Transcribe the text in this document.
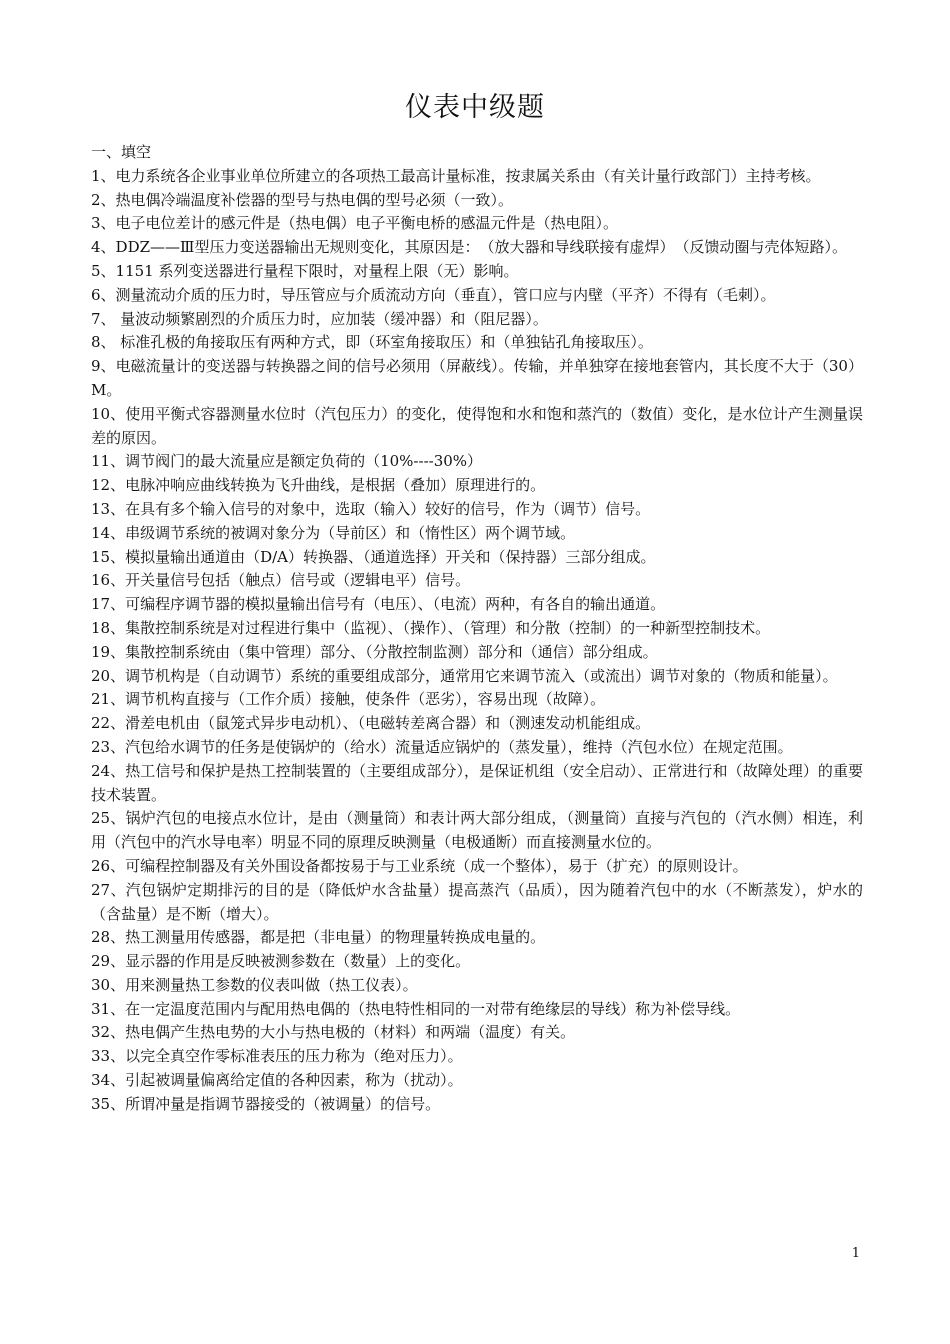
仪表中级题

一、填空

1、电力系统各企业事业单位所建立的各项热工最高计量标准，按隶属关系由（有关计量行政部门）主持考核。

2、热电偶冷端温度补偿器的型号与热电偶的型号必须（一致）。

3、电子电位差计的感元件是（热电偶）电子平衡电桥的感温元件是（热电阻）。

4、DDZ——Ⅲ型压力变送器输出无规则变化，其原因是：　（放大器和导线联接有虚焊）　（反馈动圈与壳体短路）。

5、1151 系列变送器进行量程下限时，对量程上限（无）影响。

6、测量流动介质的压力时，导压管应与介质流动方向（垂直），管口应与内壁（平齐）不得有（毛刺）。

7、 量波动频繁剧烈的介质压力时，应加装（缓冲器）和（阻尼器）。

8、 标准孔极的角接取压有两种方式，即（环室角接取压）和（单独钻孔角接取压）。

9、电磁流量计的变送器与转换器之间的信号必须用（屏蔽线）。传输，并单独穿在接地套管内，其长度不大于（30）M。

10、使用平衡式容器测量水位时（汽包压力）的变化，使得饱和水和饱和蒸汽的（数值）变化，是水位计产生测量误差的原因。

11、调节阀门的最大流量应是额定负荷的（10%----30%）

12、电脉冲响应曲线转换为飞升曲线，是根据（叠加）原理进行的。

13、在具有多个输入信号的对象中，选取（输入）较好的信号，作为（调节）信号。

14、串级调节系统的被调对象分为（导前区）和（惰性区）两个调节域。

15、模拟量输出通道由（D/A）转换器、（通道选择）开关和（保持器）三部分组成。

16、开关量信号包括（触点）信号或（逻辑电平）信号。

17、可编程序调节器的模拟量输出信号有（电压）、（电流）两种，有各自的输出通道。

18、集散控制系统是对过程进行集中（监视）、（操作）、（管理）和分散（控制）的一种新型控制技术。

19、集散控制系统由（集中管理）部分、（分散控制监测）部分和（通信）部分组成。

20、调节机构是（自动调节）系统的重要组成部分，通常用它来调节流入（或流出）调节对象的（物质和能量）。

21、调节机构直接与（工作介质）接触，使条件（恶劣），容易出现（故障）。

22、滑差电机由（鼠笼式异步电动机）、（电磁转差离合器）和（测速发动机能组成。

23、汽包给水调节的任务是使锅炉的（给水）流量适应锅炉的（蒸发量），维持（汽包水位）在规定范围。

24、热工信号和保护是热工控制装置的（主要组成部分），是保证机组（安全启动）、正常进行和（故障处理）的重要技术装置。

25、锅炉汽包的电接点水位计，是由（测量筒）和表计两大部分组成，（测量筒）直接与汽包的（汽水侧）相连，利用（汽包中的汽水导电率）明显不同的原理反映测量（电极通断）而直接测量水位的。

26、可编程控制器及有关外围设备都按易于与工业系统（成一个整体），易于（扩充）的原则设计。

27、汽包锅炉定期排污的目的是（降低炉水含盐量）提高蒸汽（品质），因为随着汽包中的水（不断蒸发），炉水的（含盐量）是不断（增大）。

28、热工测量用传感器，都是把（非电量）的物理量转换成电量的。

29、显示器的作用是反映被测参数在（数量）上的变化。

30、用来测量热工参数的仪表叫做（热工仪表）。

31、在一定温度范围内与配用热电偶的（热电特性相同的一对带有绝缘层的导线）称为补偿导线。

32、热电偶产生热电势的大小与热电极的（材料）和两端（温度）有关。

33、以完全真空作零标准表压的压力称为（绝对压力）。

34、引起被调量偏离给定值的各种因素，称为（扰动）。

35、所谓冲量是指调节器接受的（被调量）的信号。

1
